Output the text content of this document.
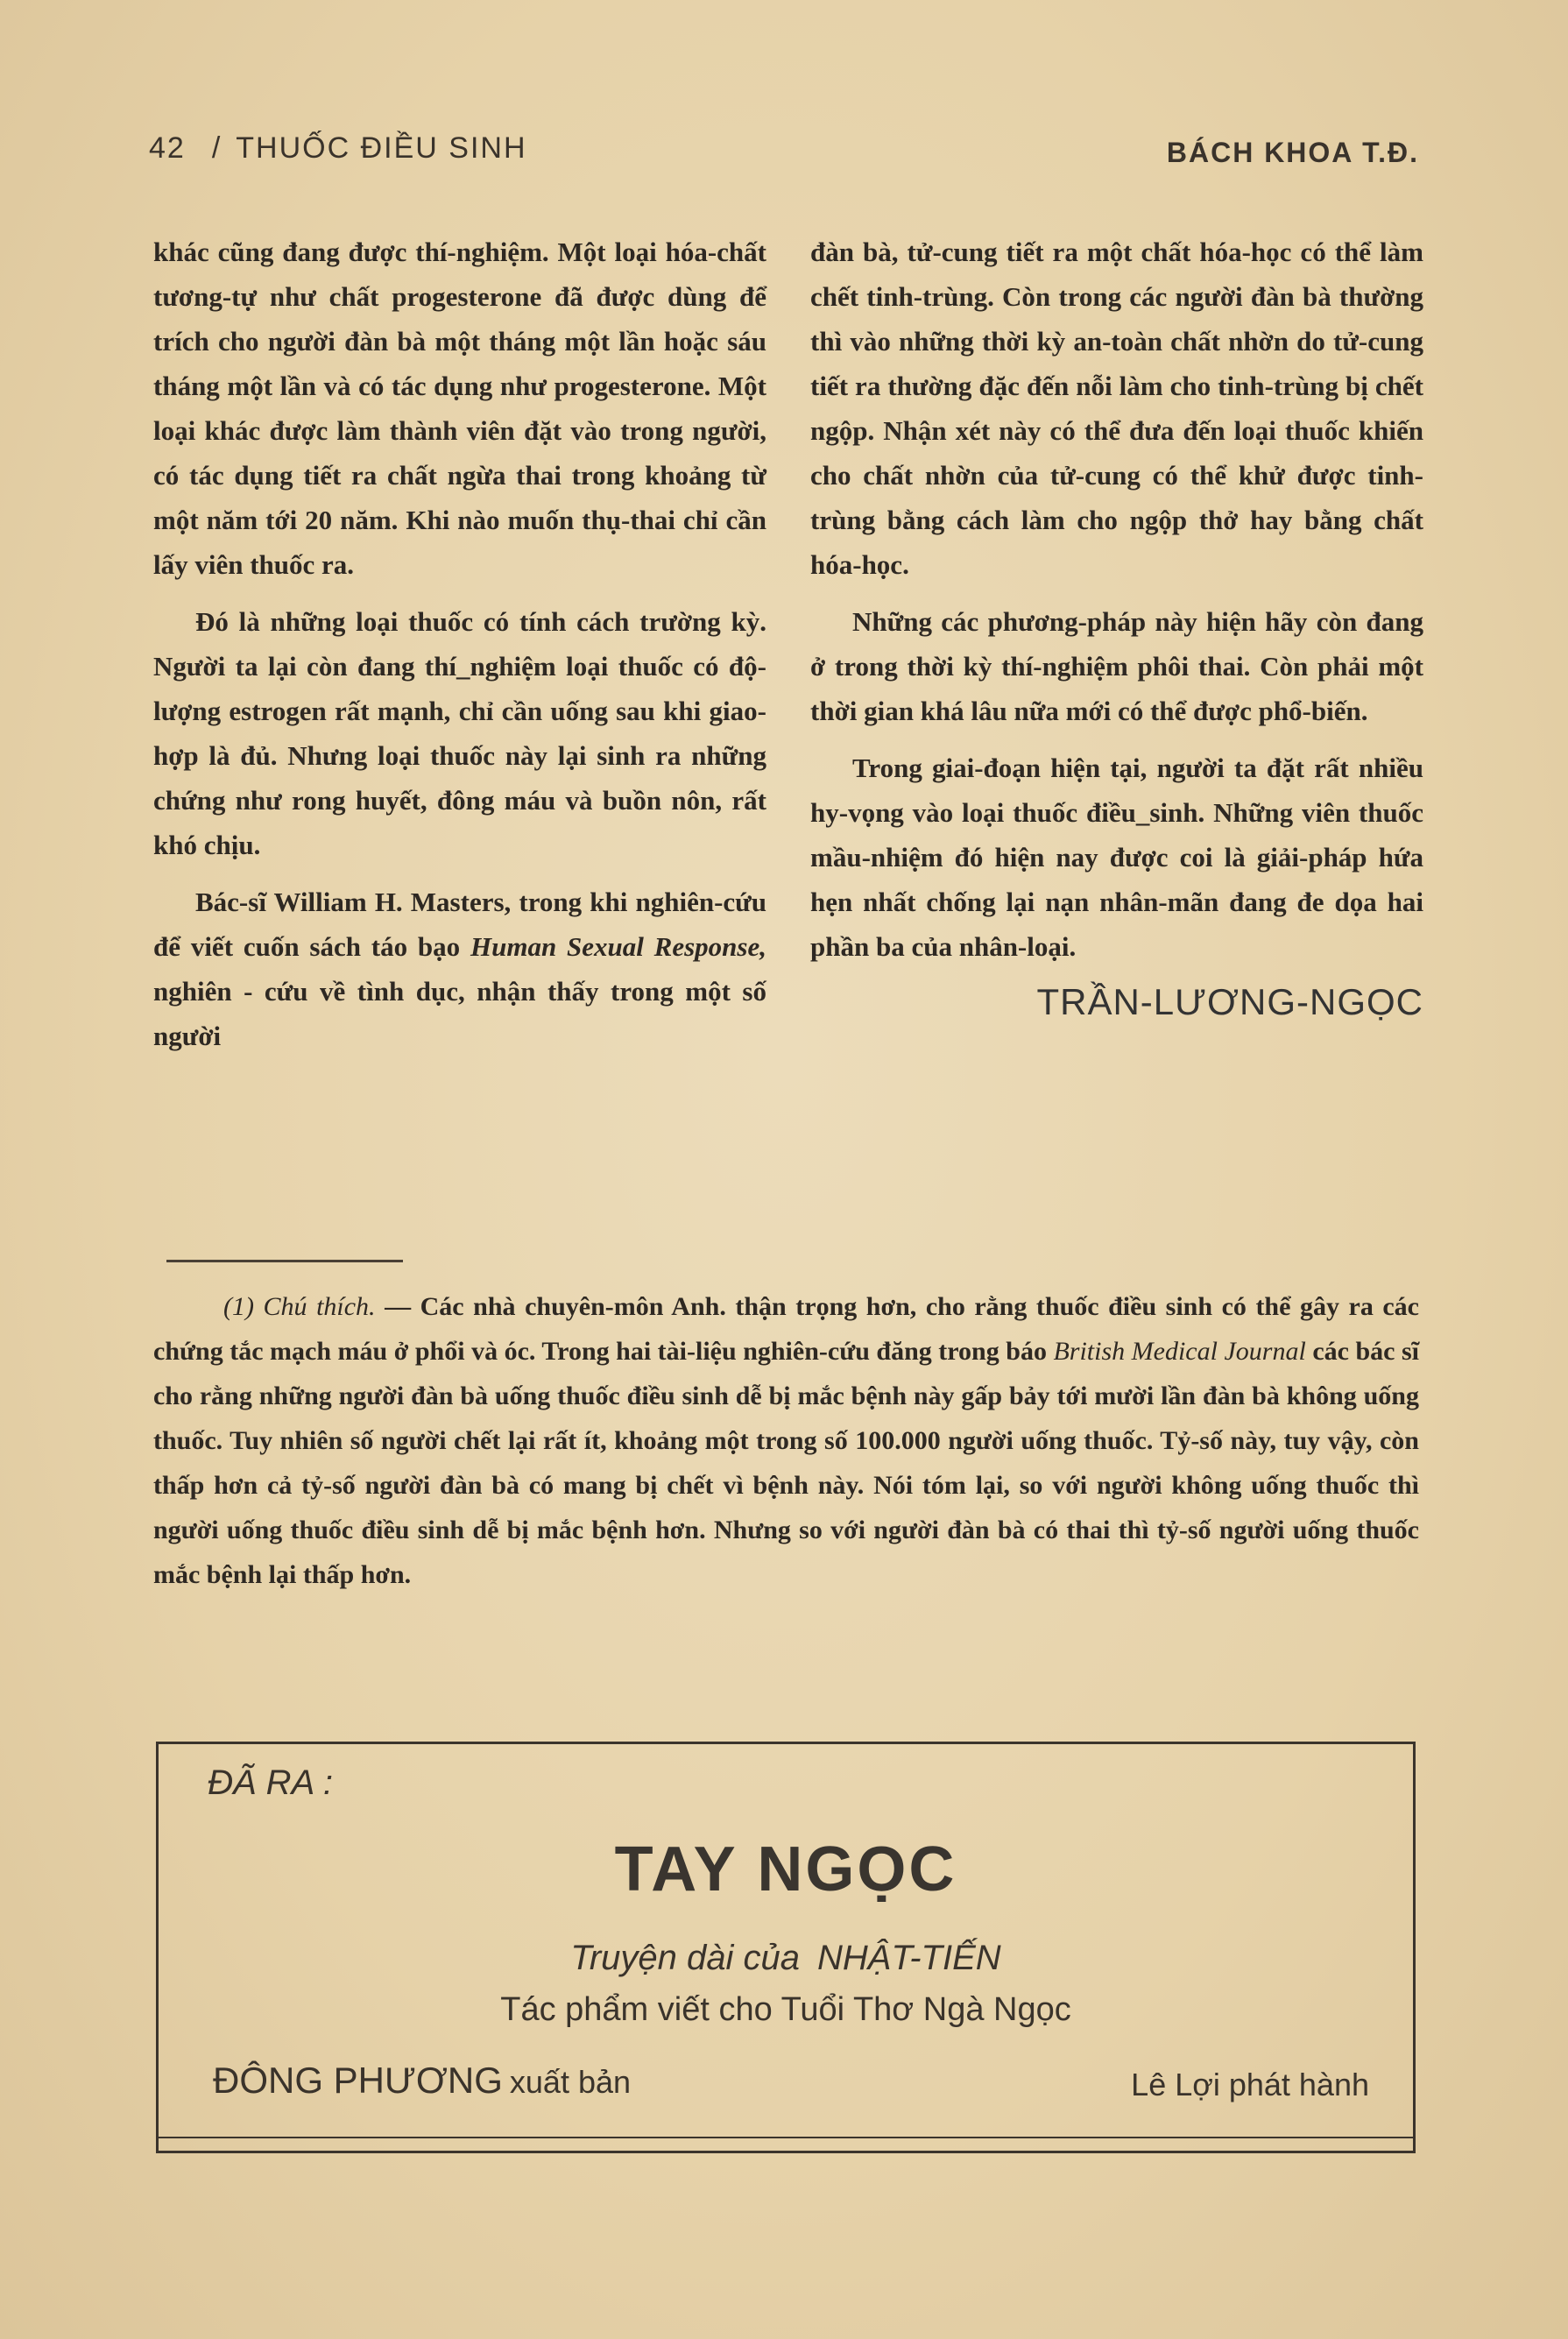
42 / THUỐC ĐIỀU SINH	BÁCH KHOA T.Đ.

khác cũng đang được thí-nghiệm. Một loại hóa-chất tương-tự như chất progesterone đã được dùng để trích cho người đàn bà một tháng một lần hoặc sáu tháng một lần và có tác dụng như progesterone. Một loại khác được làm thành viên đặt vào trong người, có tác dụng tiết ra chất ngừa thai trong khoảng từ một năm tới 20 năm. Khi nào muốn thụ-thai chỉ cần lấy viên thuốc ra.

Đó là những loại thuốc có tính cách trường kỳ. Người ta lại còn đang thí_nghiệm loại thuốc có độ-lượng estrogen rất mạnh, chỉ cần uống sau khi giao-hợp là đủ. Nhưng loại thuốc này lại sinh ra những chứng như rong huyết, đông máu và buồn nôn, rất khó chịu.

Bác-sĩ William H. Masters, trong khi nghiên-cứu để viết cuốn sách táo bạo Human Sexual Response, nghiên - cứu về tình dục, nhận thấy trong một số người

đàn bà, tử-cung tiết ra một chất hóa-học có thể làm chết tinh-trùng. Còn trong các người đàn bà thường thì vào những thời kỳ an-toàn chất nhờn do tử-cung tiết ra thường đặc đến nỗi làm cho tinh-trùng bị chết ngộp. Nhận xét này có thể đưa đến loại thuốc khiến cho chất nhờn của tử-cung có thể khử được tinh-trùng bằng cách làm cho ngộp thở hay bằng chất hóa-học.

Những các phương-pháp này hiện hãy còn đang ở trong thời kỳ thí-nghiệm phôi thai. Còn phải một thời gian khá lâu nữa mới có thể được phổ-biến.

Trong giai-đoạn hiện tại, người ta đặt rất nhiều hy-vọng vào loại thuốc điều_sinh. Những viên thuốc mầu-nhiệm đó hiện nay được coi là giải-pháp hứa hẹn nhất chống lại nạn nhân-mãn đang đe dọa hai phần ba của nhân-loại.

TRẦN-LƯƠNG-NGỌC
(1) Chú thích. — Các nhà chuyên-môn Anh. thận trọng hơn, cho rằng thuốc điều sinh có thể gây ra các chứng tắc mạch máu ở phổi và óc. Trong hai tài-liệu nghiên-cứu đăng trong báo British Medical Journal các bác sĩ cho rằng những người đàn bà uống thuốc điều sinh dễ bị mắc bệnh này gấp bảy tới mười lần đàn bà không uống thuốc. Tuy nhiên số người chết lại rất ít, khoảng một trong số 100.000 người uống thuốc. Tỷ-số này, tuy vậy, còn thấp hơn cả tỷ-số người đàn bà có mang bị chết vì bệnh này. Nói tóm lại, so với người không uống thuốc thì người uống thuốc điều sinh dễ bị mắc bệnh hơn. Nhưng so với người đàn bà có thai thì tỷ-số người uống thuốc mắc bệnh lại thấp hơn.
ĐÃ RA :
TAY NGỌC
Truyện dài của NHẬT-TIẾN
Tác phẩm viết cho Tuổi Thơ Ngà Ngọc
ĐÔNG PHƯƠNG xuất bản	Lê Lợi phát hành
